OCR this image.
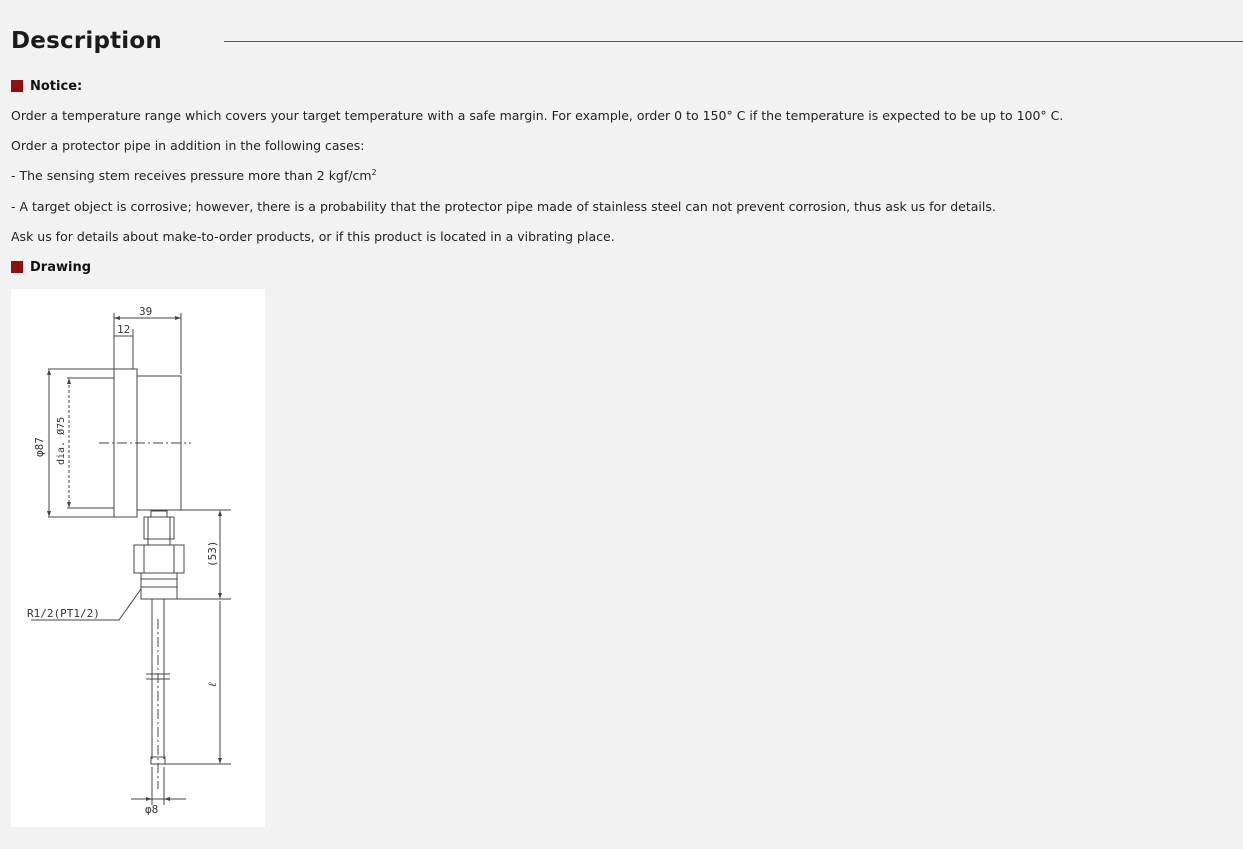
Description
Notice:
Order a temperature range which covers your target temperature with a safe margin. For example, order 0 to 150° C if the temperature is expected to be up to 100° C.
Order a protector pipe in addition in the following cases:
- The sensing stem receives pressure more than 2 kgf/$cm^2$
- A target object is corrosive; however, there is a probability that the protector pipe made of stainless steel can not prevent corrosion, thus ask us for details.
Ask us for details about make-to-order products, or if this product is located in a vibrating place.
Drawing
39
12
φ87 dia. Ø75
(53)
R1/2(PT1/2)
ℓ
φ8
